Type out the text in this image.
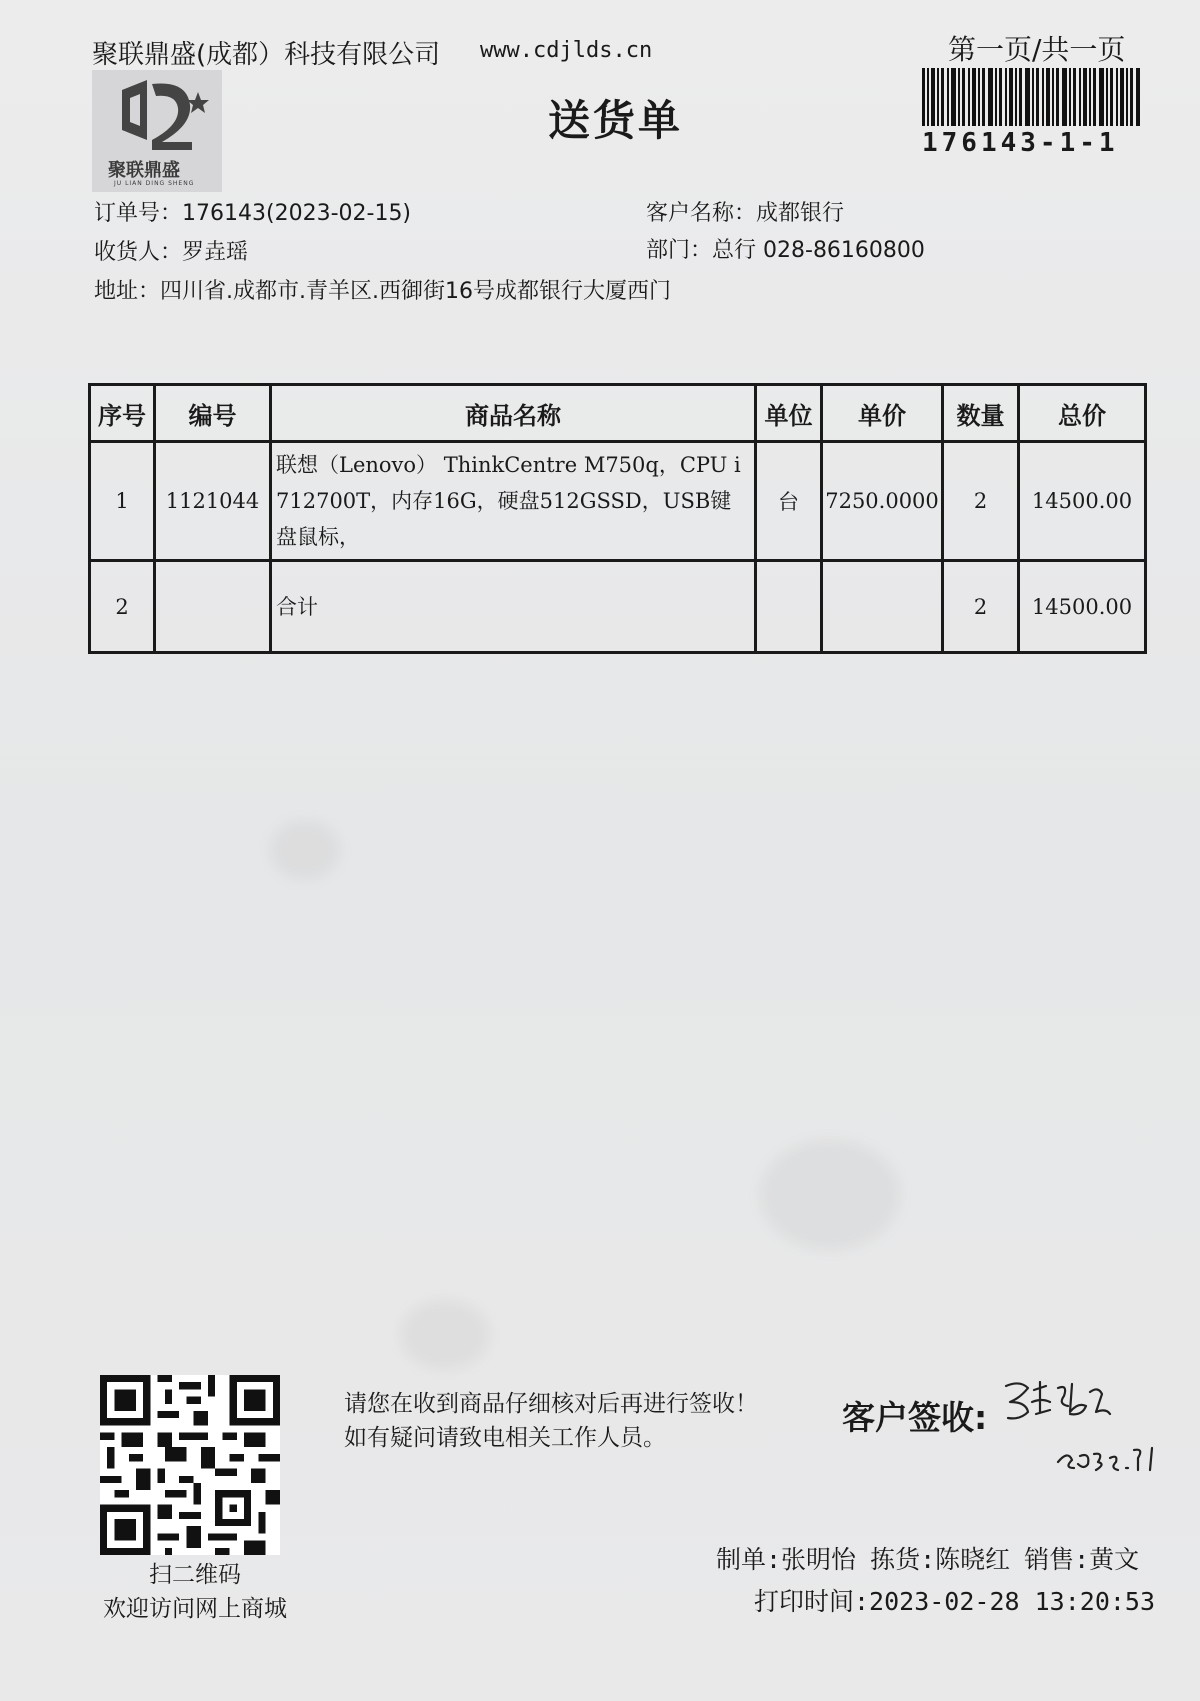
聚联鼎盛(成都）科技有限公司 www.cdjlds.cn	第一页/共一页
聚联鼎盛
JU LIAN DING SHENG
送货单	176143-1-1
订单号：176143(2023-02-15)	客户名称：成都银行
收货人：罗垚瑶	部门：总行 028-86160800
地址：四川省.成都市.青羊区.西御街16号成都银行大厦西门
序号	编号	商品名称	单位	单价	数量	总价
1	1121044	联想（Lenovo） ThinkCentre M750q，CPU i712700T，内存16G，硬盘512GSSD，USB键盘鼠标，	台	7250.0000	2	14500.00
2		合计			2	14500.00
扫二维码
欢迎访问网上商城
请您在收到商品仔细核对后再进行签收！如有疑问请致电相关工作人员。
客户签收:
制单:张明怡 拣货:陈晓红 销售:黄文
打印时间:2023-02-28 13:20:53
